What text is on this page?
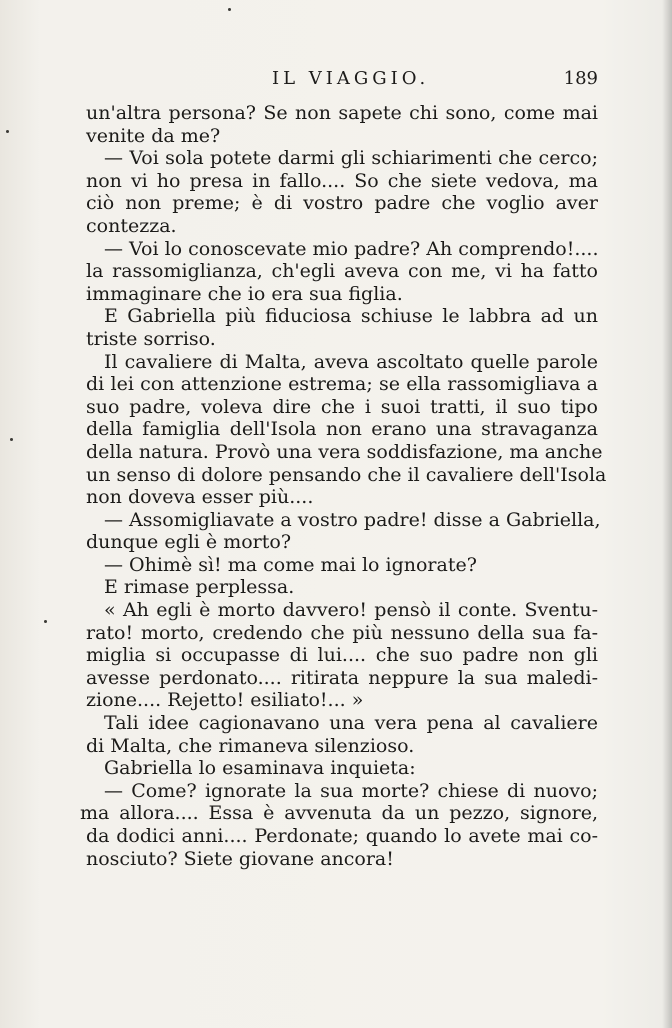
IL VIAGGIO.	189
un'altra persona? Se non sapete chi sono, come mai
venite da me?
— Voi sola potete darmi gli schiarimenti che cerco;
non vi ho presa in fallo.... So che siete vedova, ma
ciò non preme; è di vostro padre che voglio aver
contezza.
— Voi lo conoscevate mio padre? Ah comprendo!....
la rassomiglianza, ch'egli aveva con me, vi ha fatto
immaginare che io era sua figlia.
E Gabriella più fiduciosa schiuse le labbra ad un
triste sorriso.
Il cavaliere di Malta, aveva ascoltato quelle parole
di lei con attenzione estrema; se ella rassomigliava a
suo padre, voleva dire che i suoi tratti, il suo tipo
della famiglia dell'Isola non erano una stravaganza
della natura. Provò una vera soddisfazione, ma anche
un senso di dolore pensando che il cavaliere dell'Isola
non doveva esser più....
— Assomigliavate a vostro padre! disse a Gabriella,
dunque egli è morto?
— Ohimè sì! ma come mai lo ignorate?
E rimase perplessa.
« Ah egli è morto davvero! pensò il conte. Sventu-
rato! morto, credendo che più nessuno della sua fa-
miglia si occupasse di lui.... che suo padre non gli
avesse perdonato.... ritirata neppure la sua maledi-
zione.... Rejetto! esiliato!... »
Tali idee cagionavano una vera pena al cavaliere
di Malta, che rimaneva silenzioso.
Gabriella lo esaminava inquieta:
— Come? ignorate la sua morte? chiese di nuovo;
ma allora.... Essa è avvenuta da un pezzo, signore,
da dodici anni.... Perdonate; quando lo avete mai co-
nosciuto? Siete giovane ancora!
